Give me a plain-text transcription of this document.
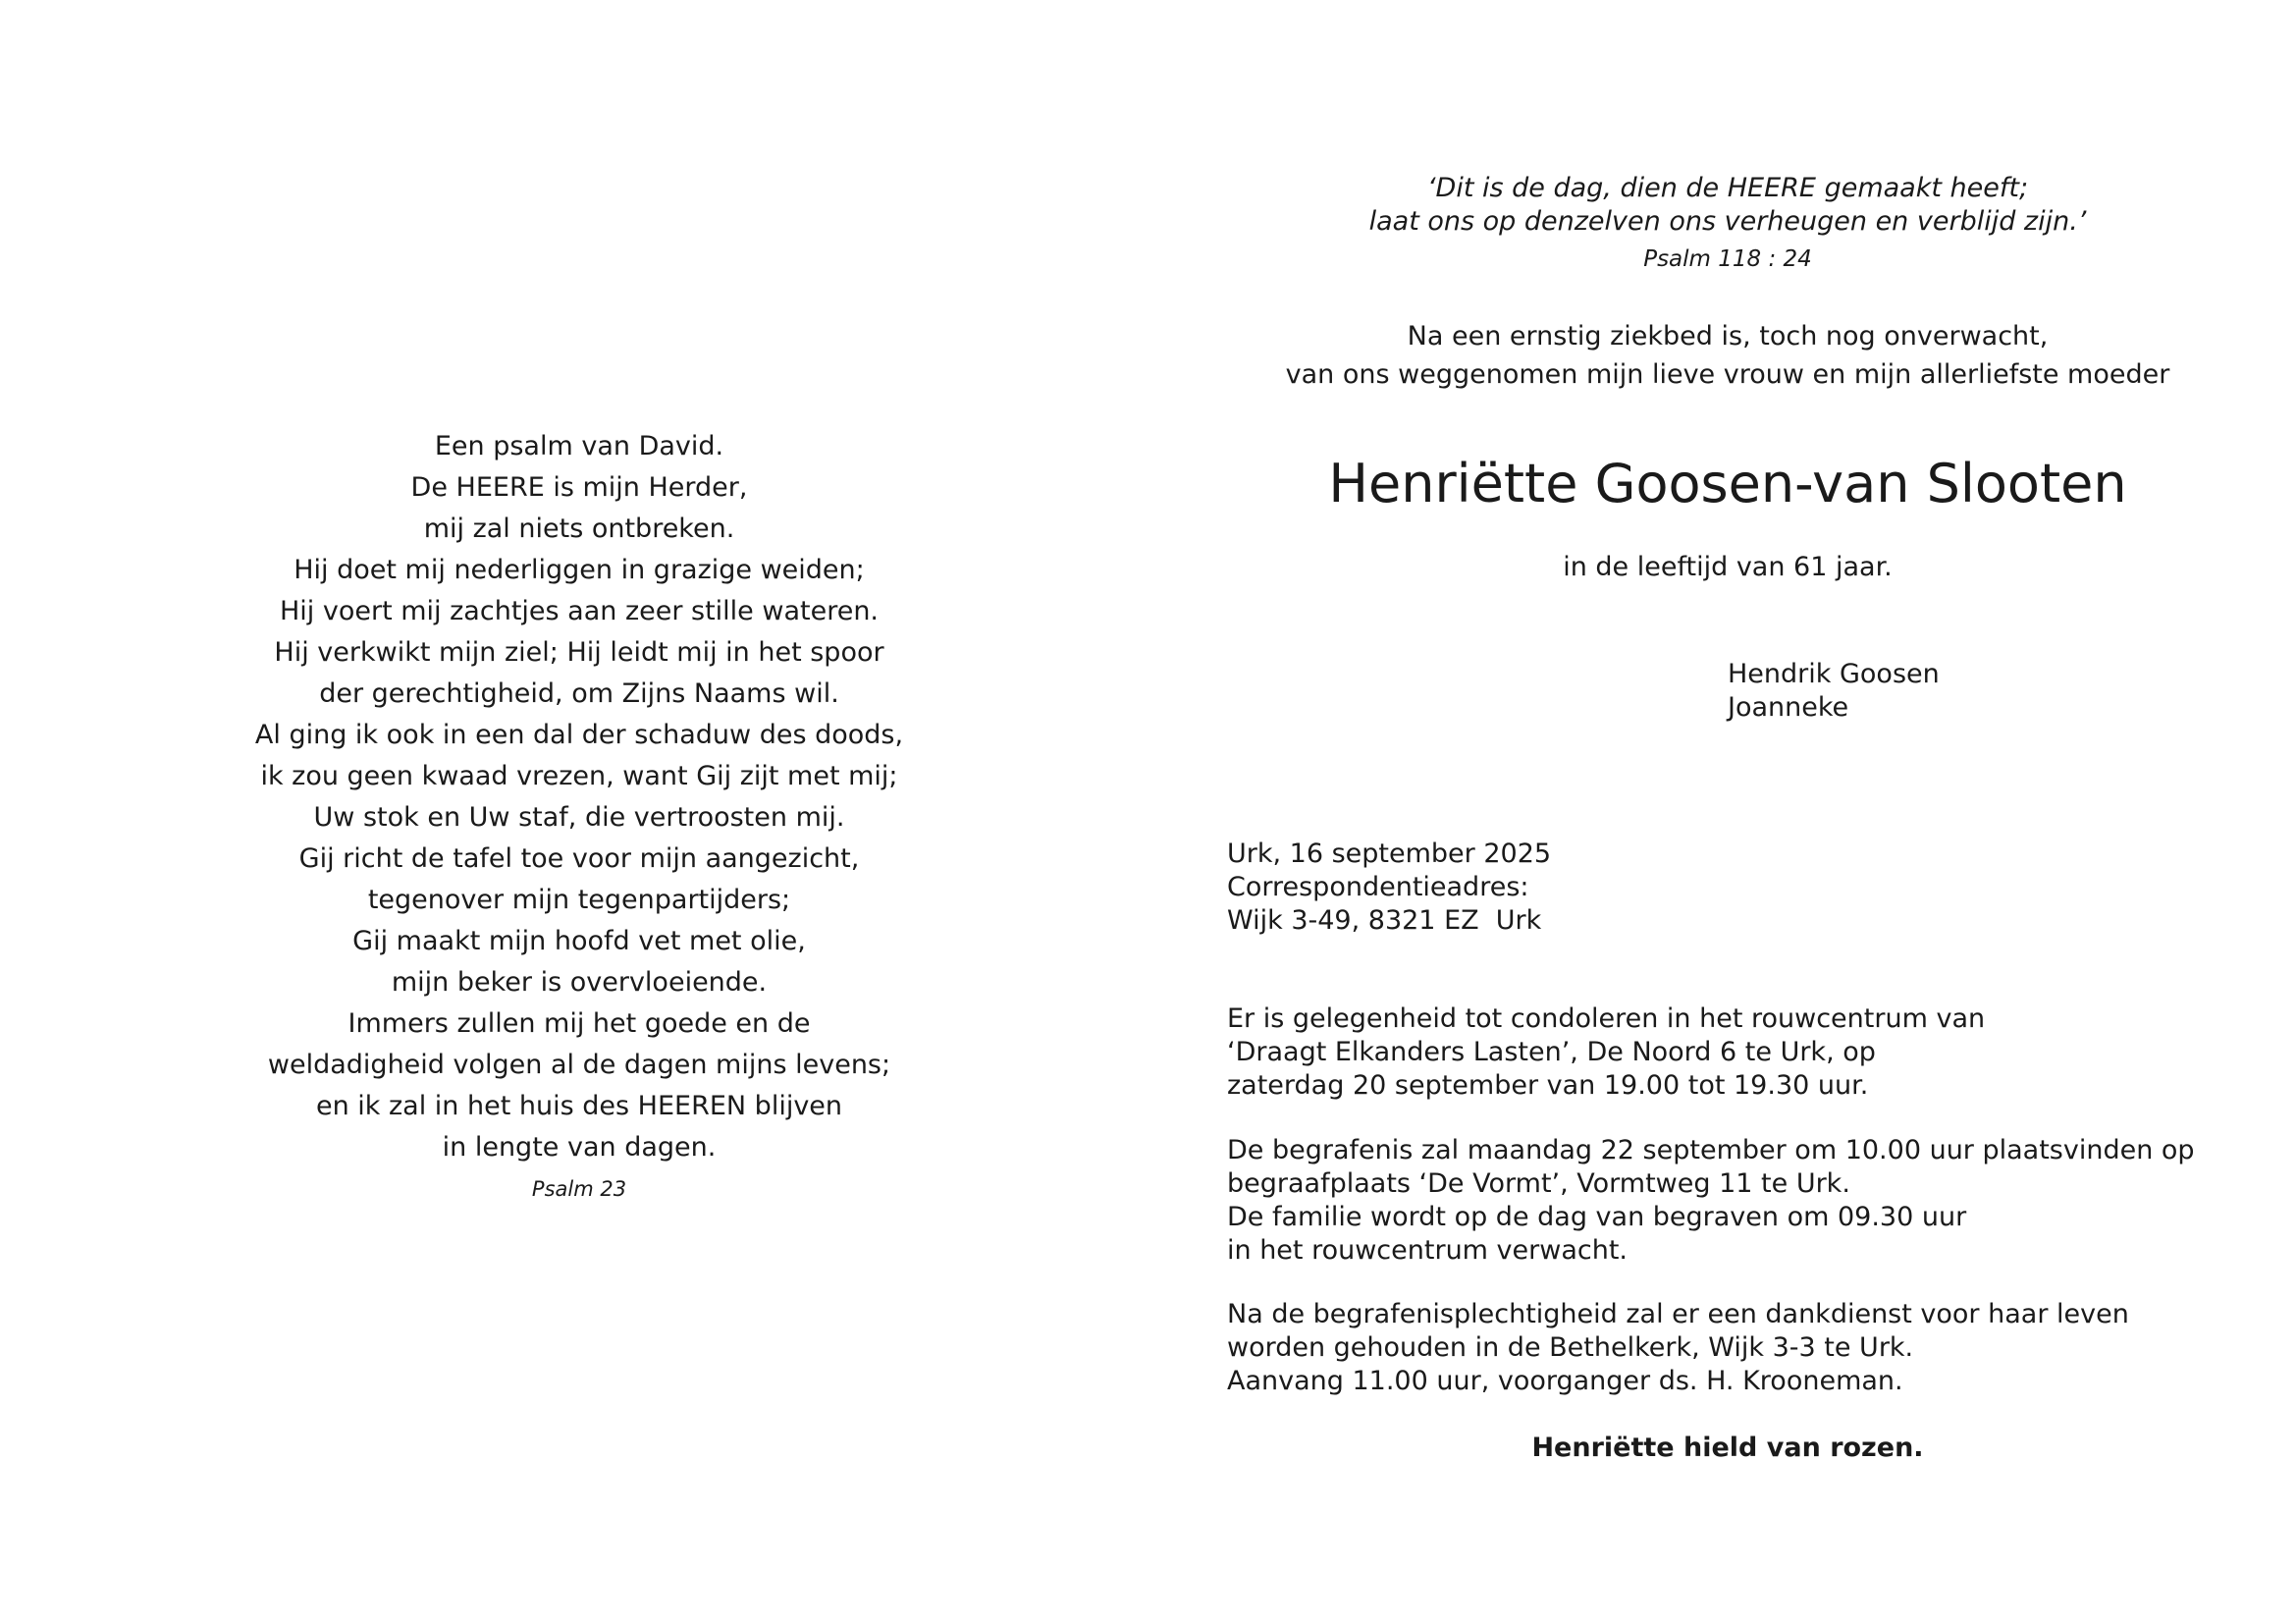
Een psalm van David.
De HEERE is mijn Herder,
mij zal niets ontbreken.
Hij doet mij nederliggen in grazige weiden;
Hij voert mij zachtjes aan zeer stille wateren.
Hij verkwikt mijn ziel; Hij leidt mij in het spoor
der gerechtigheid, om Zijns Naams wil.
Al ging ik ook in een dal der schaduw des doods,
ik zou geen kwaad vrezen, want Gij zijt met mij;
Uw stok en Uw staf, die vertroosten mij.
Gij richt de tafel toe voor mijn aangezicht,
tegenover mijn tegenpartijders;
Gij maakt mijn hoofd vet met olie,
mijn beker is overvloeiende.
Immers zullen mij het goede en de
weldadigheid volgen al de dagen mijns levens;
en ik zal in het huis des HEEREN blijven
in lengte van dagen.
Psalm 23
‘Dit is de dag, dien de HEERE gemaakt heeft;
laat ons op denzelven ons verheugen en verblijd zijn.’
Psalm 118 : 24
Na een ernstig ziekbed is, toch nog onverwacht,
van ons weggenomen mijn lieve vrouw en mijn allerliefste moeder
Henriëtte Goosen-van Slooten
in de leeftijd van 61 jaar.
Hendrik Goosen
Joanneke
Urk, 16 september 2025
Correspondentieadres:
Wijk 3-49, 8321 EZ  Urk
Er is gelegenheid tot condoleren in het rouwcentrum van
‘Draagt Elkanders Lasten’, De Noord 6 te Urk, op
zaterdag 20 september van 19.00 tot 19.30 uur.
De begrafenis zal maandag 22 september om 10.00 uur plaatsvinden op
begraafplaats ‘De Vormt’, Vormtweg 11 te Urk.
De familie wordt op de dag van begraven om 09.30 uur
in het rouwcentrum verwacht.
Na de begrafenisplechtigheid zal er een dankdienst voor haar leven
worden gehouden in de Bethelkerk, Wijk 3-3 te Urk.
Aanvang 11.00 uur, voorganger ds. H. Krooneman.
Henriëtte hield van rozen.
